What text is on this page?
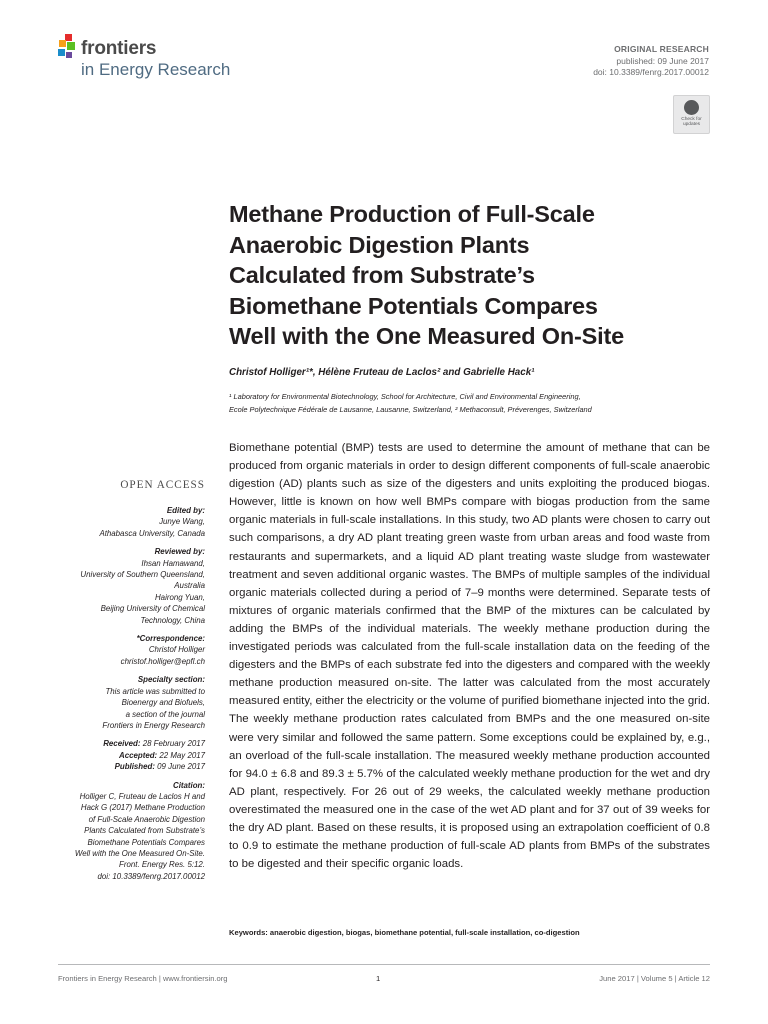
frontiers
in Energy Research
ORIGINAL RESEARCH
published: 09 June 2017
doi: 10.3389/fenrg.2017.00012
Check for
updates
Methane Production of Full-Scale
Anaerobic Digestion Plants
Calculated from Substrate’s
Biomethane Potentials Compares
Well with the One Measured On-Site
Christof Holliger¹*, Hélène Fruteau de Laclos² and Gabrielle Hack¹
¹ Laboratory for Environmental Biotechnology, School for Architecture, Civil and Environmental Engineering,
Ecole Polytechnique Fédérale de Lausanne, Lausanne, Switzerland, ² Methaconsult, Préverenges, Switzerland
OPEN ACCESS
Edited by:
Junye Wang,
Athabasca University, Canada
Reviewed by:
Ihsan Hamawand,
University of Southern Queensland,
Australia
Hairong Yuan,
Beijing University of Chemical
Technology, China
*Correspondence:
Christof Holliger
christof.holliger@epfl.ch
Specialty section:
This article was submitted to
Bioenergy and Biofuels,
a section of the journal
Frontiers in Energy Research
Received: 28 February 2017
Accepted: 22 May 2017
Published: 09 June 2017
Citation:
Holliger C, Fruteau de Laclos H and
Hack G (2017) Methane Production
of Full-Scale Anaerobic Digestion
Plants Calculated from Substrate’s
Biomethane Potentials Compares
Well with the One Measured On-Site.
Front. Energy Res. 5:12.
doi: 10.3389/fenrg.2017.00012

Biomethane potential (BMP) tests are used to determine the amount of methane that can be produced from organic materials in order to design different components of full-scale anaerobic digestion (AD) plants such as size of the digesters and units exploiting the produced biogas. However, little is known on how well BMPs compare with biogas production from the same organic materials in full-scale installations. In this study, two AD plants were chosen to carry out such comparisons, a dry AD plant treating green waste from urban areas and food waste from restaurants and supermarkets, and a liquid AD plant treating waste sludge from wastewater treatment and seven additional organic wastes. The BMPs of multiple samples of the individual organic materials collected during a period of 7–9 months were determined. Separate tests of mixtures of organic materials confirmed that the BMP of the mixtures can be calculated by adding the BMPs of the individual materials. The weekly methane production during the investigated periods was calculated from the full-scale installation data on the feeding of the digesters and the BMPs of each substrate fed into the digesters and compared with the weekly methane production measured on-site. The latter was calculated from the most accurately measured entity, either the electricity or the volume of purified biomethane injected into the grid. The weekly methane production rates calculated from BMPs and the one measured on-site were very similar and followed the same pattern. Some exceptions could be explained by, e.g., an overload of the full-scale installation. The measured weekly methane production accounted for 94.0 ± 6.8 and 89.3 ± 5.7% of the calculated weekly methane production for the wet and dry AD plant, respectively. For 26 out of 29 weeks, the calculated weekly methane production overestimated the measured one in the case of the wet AD plant and for 37 out of 39 weeks for the dry AD plant. Based on these results, it is proposed using an extrapolation coefficient of 0.8 to 0.9 to estimate the methane production of full-scale AD plants from BMPs of the substrates to be digested and their specific organic loads.

Keywords: anaerobic digestion, biogas, biomethane potential, full-scale installation, co-digestion
Frontiers in Energy Research | www.frontiersin.org	1	June 2017 | Volume 5 | Article 12
